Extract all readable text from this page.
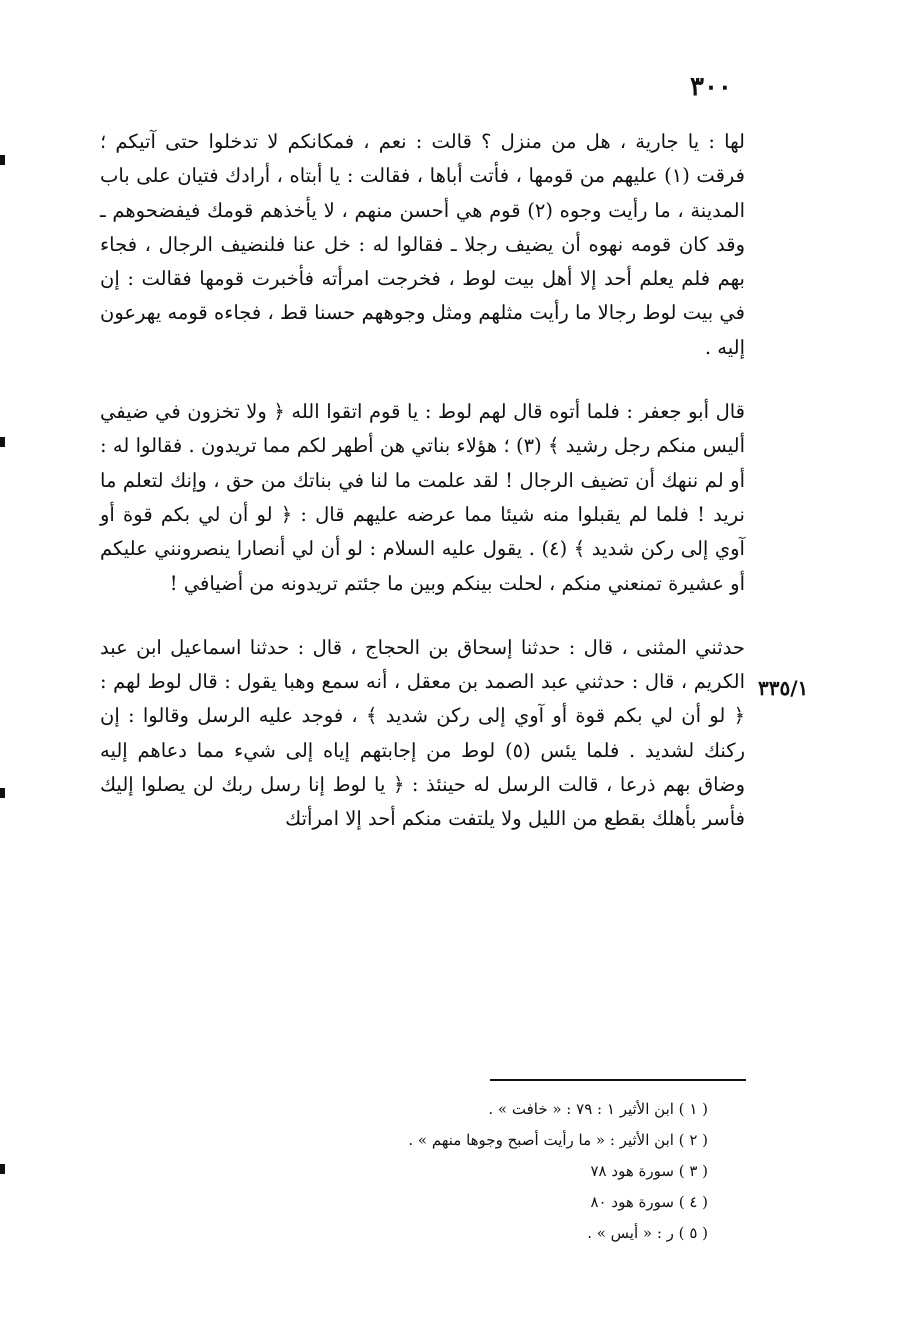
٣٠٠

لها : يا جارية ، هل من منزل ؟ قالت : نعم ، فمكانكم لا تدخلوا حتى آتيكم ؛ فرقت (١) عليهم من قومها ، فأتت أباها ، فقالت : يا أبتاه ، أرادك فتيان على باب المدينة ، ما رأيت وجوه (٢) قوم هي أحسن منهم ، لا يأخذهم قومك فيفضحوهم ـ وقد كان قومه نهوه أن يضيف رجلا ـ فقالوا له : خل عنا فلنضيف الرجال ، فجاء بهم فلم يعلم أحد إلا أهل بيت لوط ، فخرجت امرأته فأخبرت قومها فقالت : إن في بيت لوط رجالا ما رأيت مثلهم ومثل وجوههم حسنا قط ، فجاءه قومه يهرعون إليه .

قال أبو جعفر : فلما أتوه قال لهم لوط : يا قوم اتقوا الله ﴿ ولا تخزون في ضيفي أليس منكم رجل رشيد ﴾ (٣) ؛ هؤلاء بناتي هن أطهر لكم مما تريدون . فقالوا له : أو لم ننهك أن تضيف الرجال ! لقد علمت ما لنا في بناتك من حق ، وإنك لتعلم ما نريد ! فلما لم يقبلوا منه شيئا مما عرضه عليهم قال : ﴿ لو أن لي بكم قوة أو آوي إلى ركن شديد ﴾ (٤) . يقول عليه السلام : لو أن لي أنصارا ينصرونني عليكم أو عشيرة تمنعني منكم ، لحلت بينكم وبين ما جئتم تريدونه من أضيافي !

حدثني المثنى ، قال : حدثنا إسحاق بن الحجاج ، قال : حدثنا اسماعيل ابن عبد الكريم ، قال : حدثني عبد الصمد بن معقل ، أنه سمع وهبا يقول : قال لوط لهم : ﴿ لو أن لي بكم قوة أو آوي إلى ركن شديد ﴾ ، فوجد عليه الرسل وقالوا : إن ركنك لشديد . فلما يئس (٥) لوط من إجابتهم إياه إلى شيء مما دعاهم إليه وضاق بهم ذرعا ، قالت الرسل له حينئذ : ﴿ يا لوط إنا رسل ربك لن يصلوا إليك فأسر بأهلك بقطع من الليل ولا يلتفت منكم أحد إلا امرأتك

٣٣٥/١
( ١ ) ابن الأثير ١ : ٧٩ : « خافت » .
( ٢ ) ابن الأثير : « ما رأيت أصبح وجوها منهم » .
( ٣ ) سورة هود ٧٨
( ٤ ) سورة هود ٨٠
( ٥ ) ر : « أيس » .
